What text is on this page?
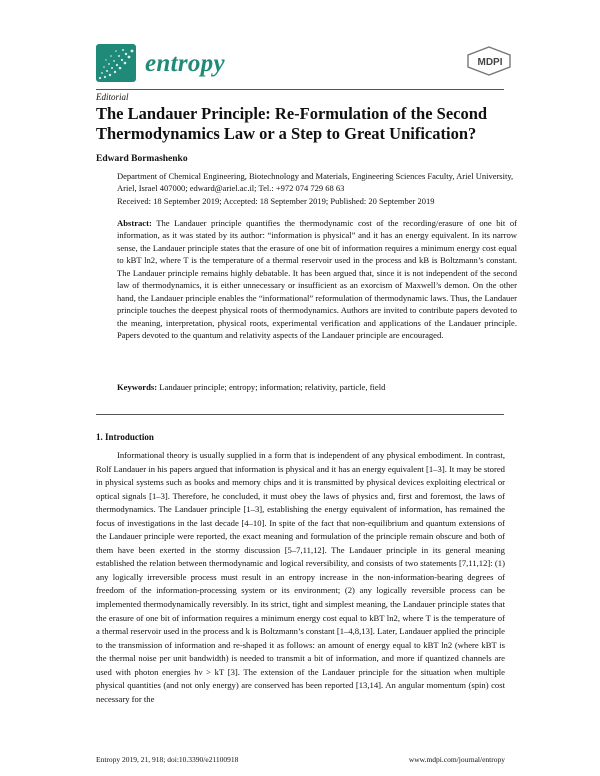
entropy	MDPI
Editorial
The Landauer Principle: Re-Formulation of the Second Thermodynamics Law or a Step to Great Unification?
Edward Bormashenko
Department of Chemical Engineering, Biotechnology and Materials, Engineering Sciences Faculty, Ariel University, Ariel, Israel 407000; edward@ariel.ac.il; Tel.: +972 074 729 68 63
Received: 18 September 2019; Accepted: 18 September 2019; Published: 20 September 2019
Abstract: The Landauer principle quantifies the thermodynamic cost of the recording/erasure of one bit of information, as it was stated by its author: “information is physical” and it has an energy equivalent. In its narrow sense, the Landauer principle states that the erasure of one bit of information requires a minimum energy cost equal to kBT ln2, where T is the temperature of a thermal reservoir used in the process and kB is Boltzmann’s constant. The Landauer principle remains highly debatable. It has been argued that, since it is not independent of the second law of thermodynamics, it is either unnecessary or insufficient as an exorcism of Maxwell’s demon. On the other hand, the Landauer principle enables the “informational” reformulation of thermodynamic laws. Thus, the Landauer principle touches the deepest physical roots of thermodynamics. Authors are invited to contribute papers devoted to the meaning, interpretation, physical roots, experimental verification and applications of the Landauer principle. Papers devoted to the quantum and relativity aspects of the Landauer principle are encouraged.
Keywords: Landauer principle; entropy; information; relativity, particle, field
1. Introduction
Informational theory is usually supplied in a form that is independent of any physical embodiment. In contrast, Rolf Landauer in his papers argued that information is physical and it has an energy equivalent [1–3]. It may be stored in physical systems such as books and memory chips and it is transmitted by physical devices exploiting electrical or optical signals [1–3]. Therefore, he concluded, it must obey the laws of physics and, first and foremost, the laws of thermodynamics. The Landauer principle [1–3], establishing the energy equivalent of information, has remained the focus of investigations in the last decade [4–10]. In spite of the fact that non-equilibrium and quantum extensions of the Landauer principle were reported, the exact meaning and formulation of the principle remain obscure and both of them have been exerted in the stormy discussion [5–7,11,12]. The Landauer principle in its general meaning established the relation between thermodynamic and logical reversibility, and consists of two statements [7,11,12]: (1) any logically irreversible process must result in an entropy increase in the non-information-bearing degrees of freedom of the information-processing system or its environment; (2) any logically reversible process can be implemented thermodynamically reversibly. In its strict, tight and simplest meaning, the Landauer principle states that the erasure of one bit of information requires a minimum energy cost equal to kBT ln2, where T is the temperature of a thermal reservoir used in the process and k is Boltzmann’s constant [1–4,8,13]. Later, Landauer applied the principle to the transmission of information and re-shaped it as follows: an amount of energy equal to kBT ln2 (where kBT is the thermal noise per unit bandwidth) is needed to transmit a bit of information, and more if quantized channels are used with photon energies hν > kT [3]. The extension of the Landauer principle for the situation when multiple physical quantities (and not only energy) are conserved has been reported [13,14]. An angular momentum (spin) cost necessary for the
Entropy 2019, 21, 918; doi:10.3390/e21100918	www.mdpi.com/journal/entropy
